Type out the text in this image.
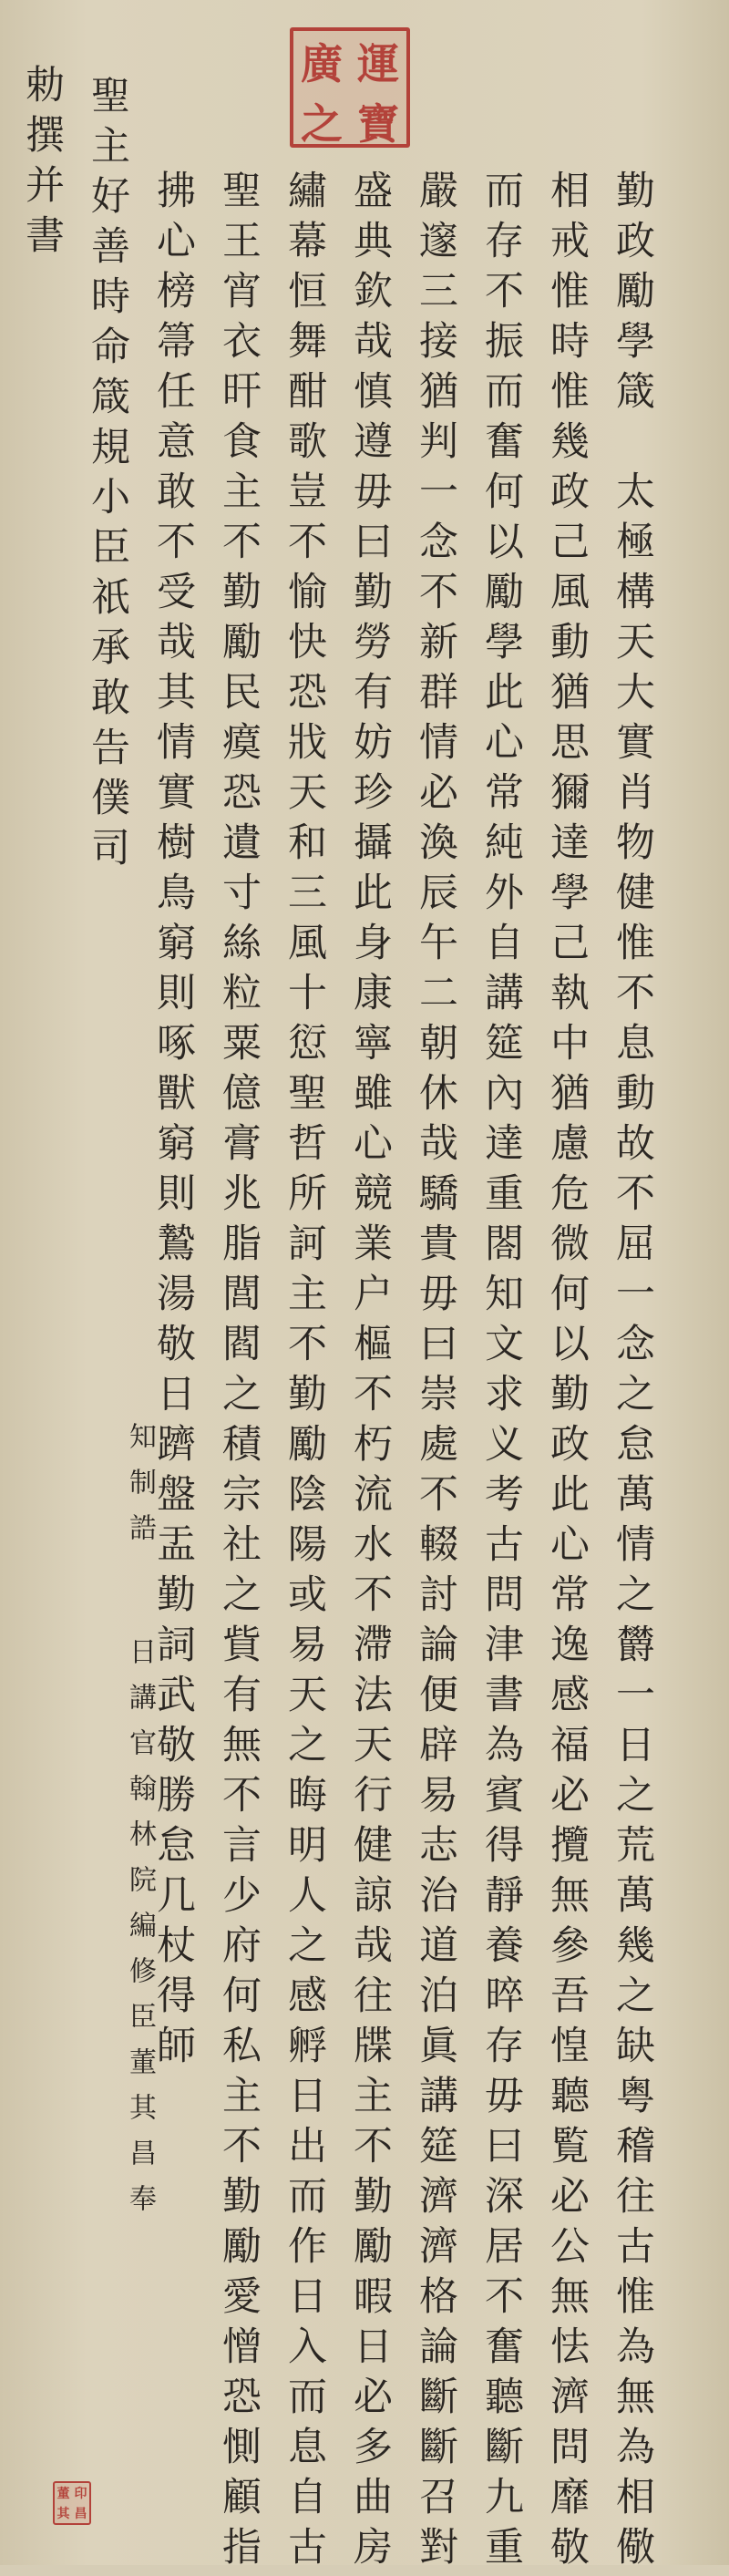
廣 運
之 寶
勤政勵學箴　太極構天大實肖物健惟不息動故不屈一念之怠萬情之欝一日之荒萬幾之缺粤稽往古惟為無為相儆
相戒惟時惟幾政己風動猶思獮達學己執中猶慮危微何以勤政此心常逸感福必攬無參吾惶聽覧必公無怯濟問靡敬
而存不振而奮何以勵學此心常純外自講筵內達重閤知文求义考古問津書為賓得靜養晬存毋曰深居不奮聽斷九重
嚴邃三接猶判一念不新群情必渙辰午二朝休哉驕貴毋曰崇處不輟討論便辟易志治道泊眞講筵濟濟格論斷斷召對
盛典欽哉慎遵毋曰勤勞有妨珍攝此身康寧雖心競業户樞不朽流水不滯法天行健諒哉往牒主不勤勵暇日必多曲房
繡幕恒舞酣歌豈不愉快恐戕天和三風十愆聖哲所訶主不勤勵陰陽或易天之晦明人之感孵日出而作日入而息自古
聖王宵衣旰食主不勤勵民瘼恐遺寸絲粒粟億膏兆脂閭閻之積宗社之貲有無不言少府何私主不勤勵愛憎恐惻顧指
拂心榜箒任意敢不受哉其情實樹鳥窮則啄獸窮則鷙湯敬日躋盤盂勤詞武敬勝怠几杖得師
聖主好善時命箴規小臣祇承敢告僕司
勅撰并書
知制誥
日講官翰林院編修臣董其昌奉
董 印
其 昌
